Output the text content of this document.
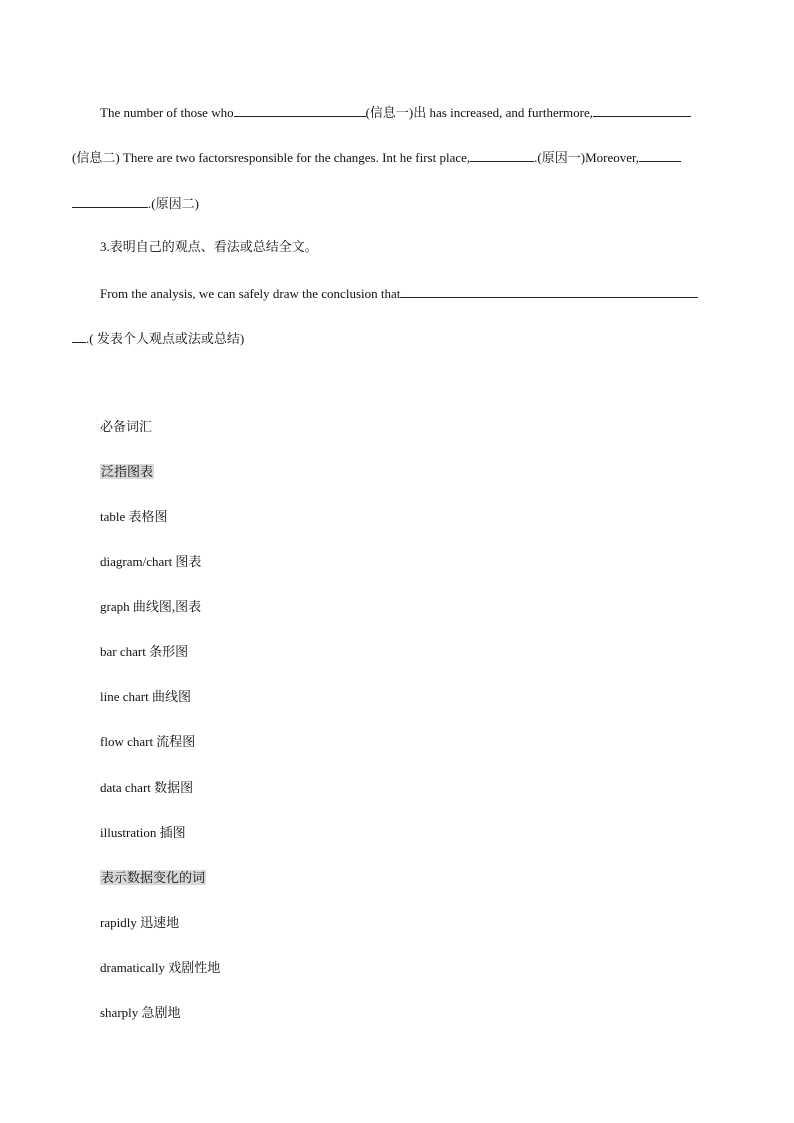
The number of those who	(信息一)出 has increased, and furthermore,
(信息二) There are two factorsresponsible for the changes. Int he first place,	.(原因一)Moreover,
.(原因二)
3.表明自己的观点、看法或总结全文。
From the analysis, we can safely draw the conclusion that
.( 发表个人观点或法或总结)
必备词汇
泛指图表
table 表格图
diagram/chart 图表
graph 曲线图,图表
bar chart 条形图
line chart 曲线图
flow chart 流程图
data chart 数据图
illustration 插图
表示数据变化的词
rapidly 迅速地
dramatically 戏剧性地
sharply 急剧地
